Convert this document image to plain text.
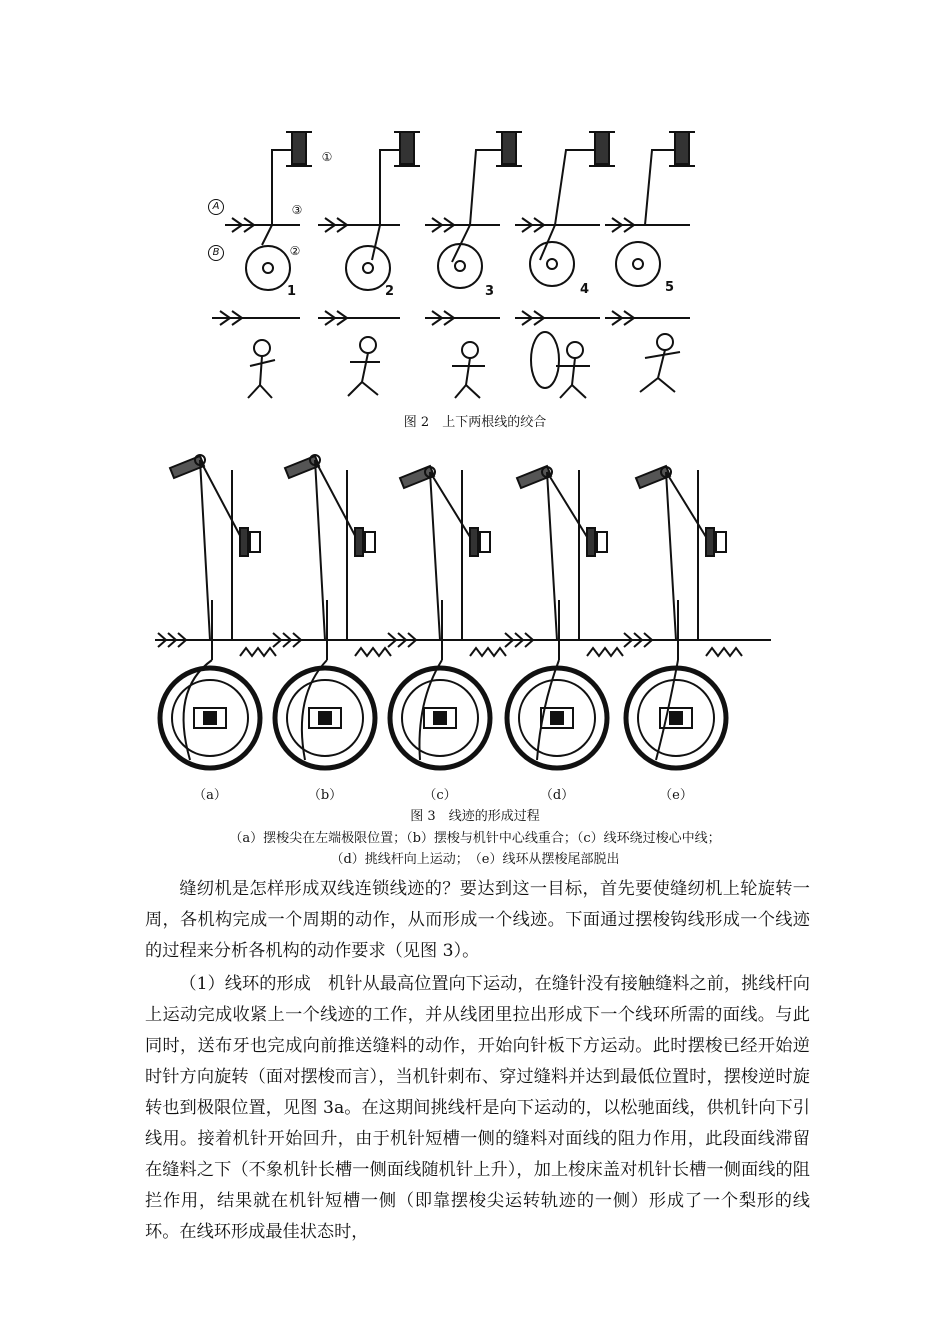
A
B
①
②
③
1	2	3	4	5
图 2　上下两根线的绞合
（a）	（b）	（c）	（d）	（e）
图 3　线迹的形成过程
（a）摆梭尖在左端极限位置；（b）摆梭与机针中心线重合；（c）线环绕过梭心中线；
（d）挑线杆向上运动；　（e）线环从摆梭尾部脱出

缝纫机是怎样形成双线连锁线迹的？要达到这一目标，首先要使缝纫机上轮旋转一周，各机构完成一个周期的动作，从而形成一个线迹。下面通过摆梭钩线形成一个线迹的过程来分析各机构的动作要求（见图 3）。

（1）线环的形成　机针从最高位置向下运动，在缝针没有接触缝料之前，挑线杆向上运动完成收紧上一个线迹的工作，并从线团里拉出形成下一个线环所需的面线。与此同时，送布牙也完成向前推送缝料的动作，开始向针板下方运动。此时摆梭已经开始逆时针方向旋转（面对摆梭而言），当机针刺布、穿过缝料并达到最低位置时，摆梭逆时旋转也到极限位置，见图 3a。在这期间挑线杆是向下运动的，以松驰面线，供机针向下引线用。接着机针开始回升，由于机针短槽一侧的缝料对面线的阻力作用，此段面线滞留在缝料之下（不象机针长槽一侧面线随机针上升），加上梭床盖对机针长槽一侧面线的阻拦作用，结果就在机针短槽一侧（即靠摆梭尖运转轨迹的一侧）形成了一个梨形的线环。在线环形成最佳状态时，
